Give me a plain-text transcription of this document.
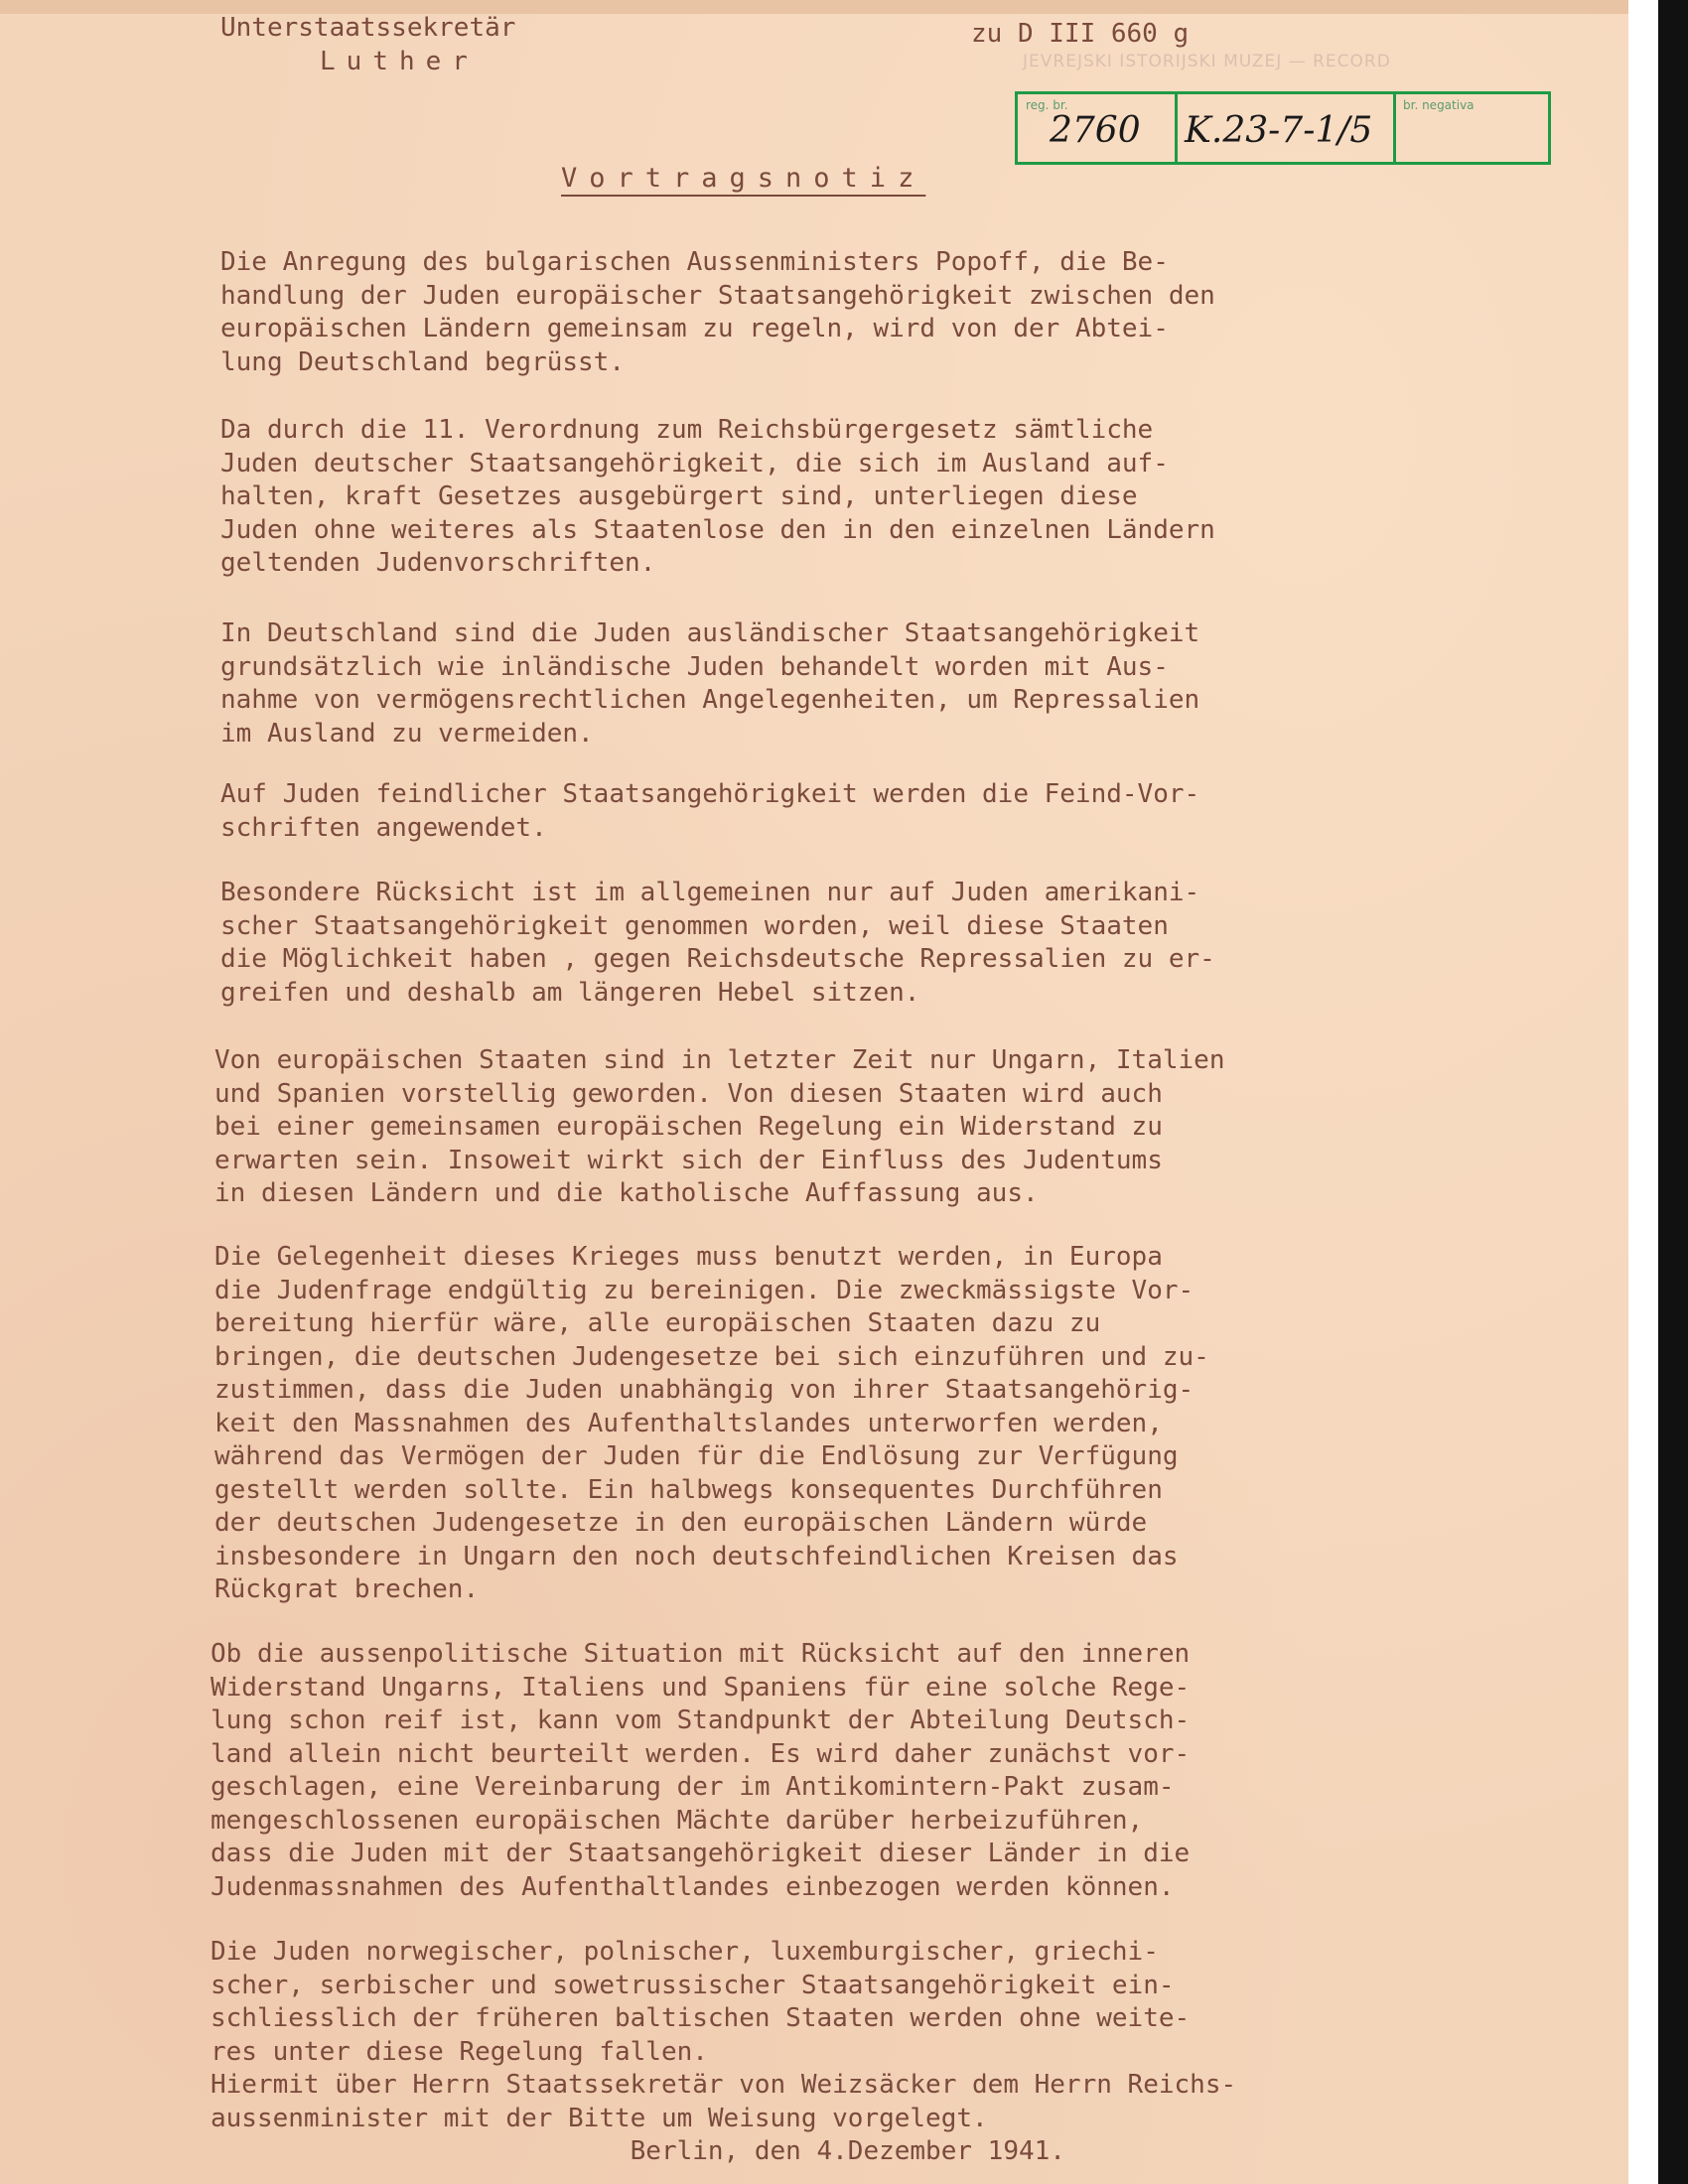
Unterstaatssekretär
Luther
zu D III 660 g
JEVREJSKI ISTORIJSKI MUZEJ — RECORD
reg. br.	br. negativa
2760 K.23-7-1/5
Vortragsnotiz
Die Anregung des bulgarischen Aussenministers Popoff, die Be-
handlung der Juden europäischer Staatsangehörigkeit zwischen den
europäischen Ländern gemeinsam zu regeln, wird von der Abtei-
lung Deutschland begrüsst.
Da durch die 11. Verordnung zum Reichsbürgergesetz sämtliche
Juden deutscher Staatsangehörigkeit, die sich im Ausland auf-
halten, kraft Gesetzes ausgebürgert sind, unterliegen diese
Juden ohne weiteres als Staatenlose den in den einzelnen Ländern
geltenden Judenvorschriften.
In Deutschland sind die Juden ausländischer Staatsangehörigkeit
grundsätzlich wie inländische Juden behandelt worden mit Aus-
nahme von vermögensrechtlichen Angelegenheiten, um Repressalien
im Ausland zu vermeiden.
Auf Juden feindlicher Staatsangehörigkeit werden die Feind-Vor-
schriften angewendet.
Besondere Rücksicht ist im allgemeinen nur auf Juden amerikani-
scher Staatsangehörigkeit genommen worden, weil diese Staaten
die Möglichkeit haben , gegen Reichsdeutsche Repressalien zu er-
greifen und deshalb am längeren Hebel sitzen.
Von europäischen Staaten sind in letzter Zeit nur Ungarn, Italien
und Spanien vorstellig geworden. Von diesen Staaten wird auch
bei einer gemeinsamen europäischen Regelung ein Widerstand zu
erwarten sein. Insoweit wirkt sich der Einfluss des Judentums
in diesen Ländern und die katholische Auffassung aus.
Die Gelegenheit dieses Krieges muss benutzt werden, in Europa
die Judenfrage endgültig zu bereinigen. Die zweckmässigste Vor-
bereitung hierfür wäre, alle europäischen Staaten dazu zu
bringen, die deutschen Judengesetze bei sich einzuführen und zu-
zustimmen, dass die Juden unabhängig von ihrer Staatsangehörig-
keit den Massnahmen des Aufenthaltslandes unterworfen werden,
während das Vermögen der Juden für die Endlösung zur Verfügung
gestellt werden sollte. Ein halbwegs konsequentes Durchführen
der deutschen Judengesetze in den europäischen Ländern würde
insbesondere in Ungarn den noch deutschfeindlichen Kreisen das
Rückgrat brechen.
Ob die aussenpolitische Situation mit Rücksicht auf den inneren
Widerstand Ungarns, Italiens und Spaniens für eine solche Rege-
lung schon reif ist, kann vom Standpunkt der Abteilung Deutsch-
land allein nicht beurteilt werden. Es wird daher zunächst vor-
geschlagen, eine Vereinbarung der im Antikomintern-Pakt zusam-
mengeschlossenen europäischen Mächte darüber herbeizuführen,
dass die Juden mit der Staatsangehörigkeit dieser Länder in die
Judenmassnahmen des Aufenthaltlandes einbezogen werden können.
Die Juden norwegischer, polnischer, luxemburgischer, griechi-
scher, serbischer und sowetrussischer Staatsangehörigkeit ein-
schliesslich der früheren baltischen Staaten werden ohne weite-
res unter diese Regelung fallen.
Hiermit über Herrn Staatssekretär von Weizsäcker dem Herrn Reichs-
aussenminister mit der Bitte um Weisung vorgelegt.
Berlin, den 4.Dezember 1941.
